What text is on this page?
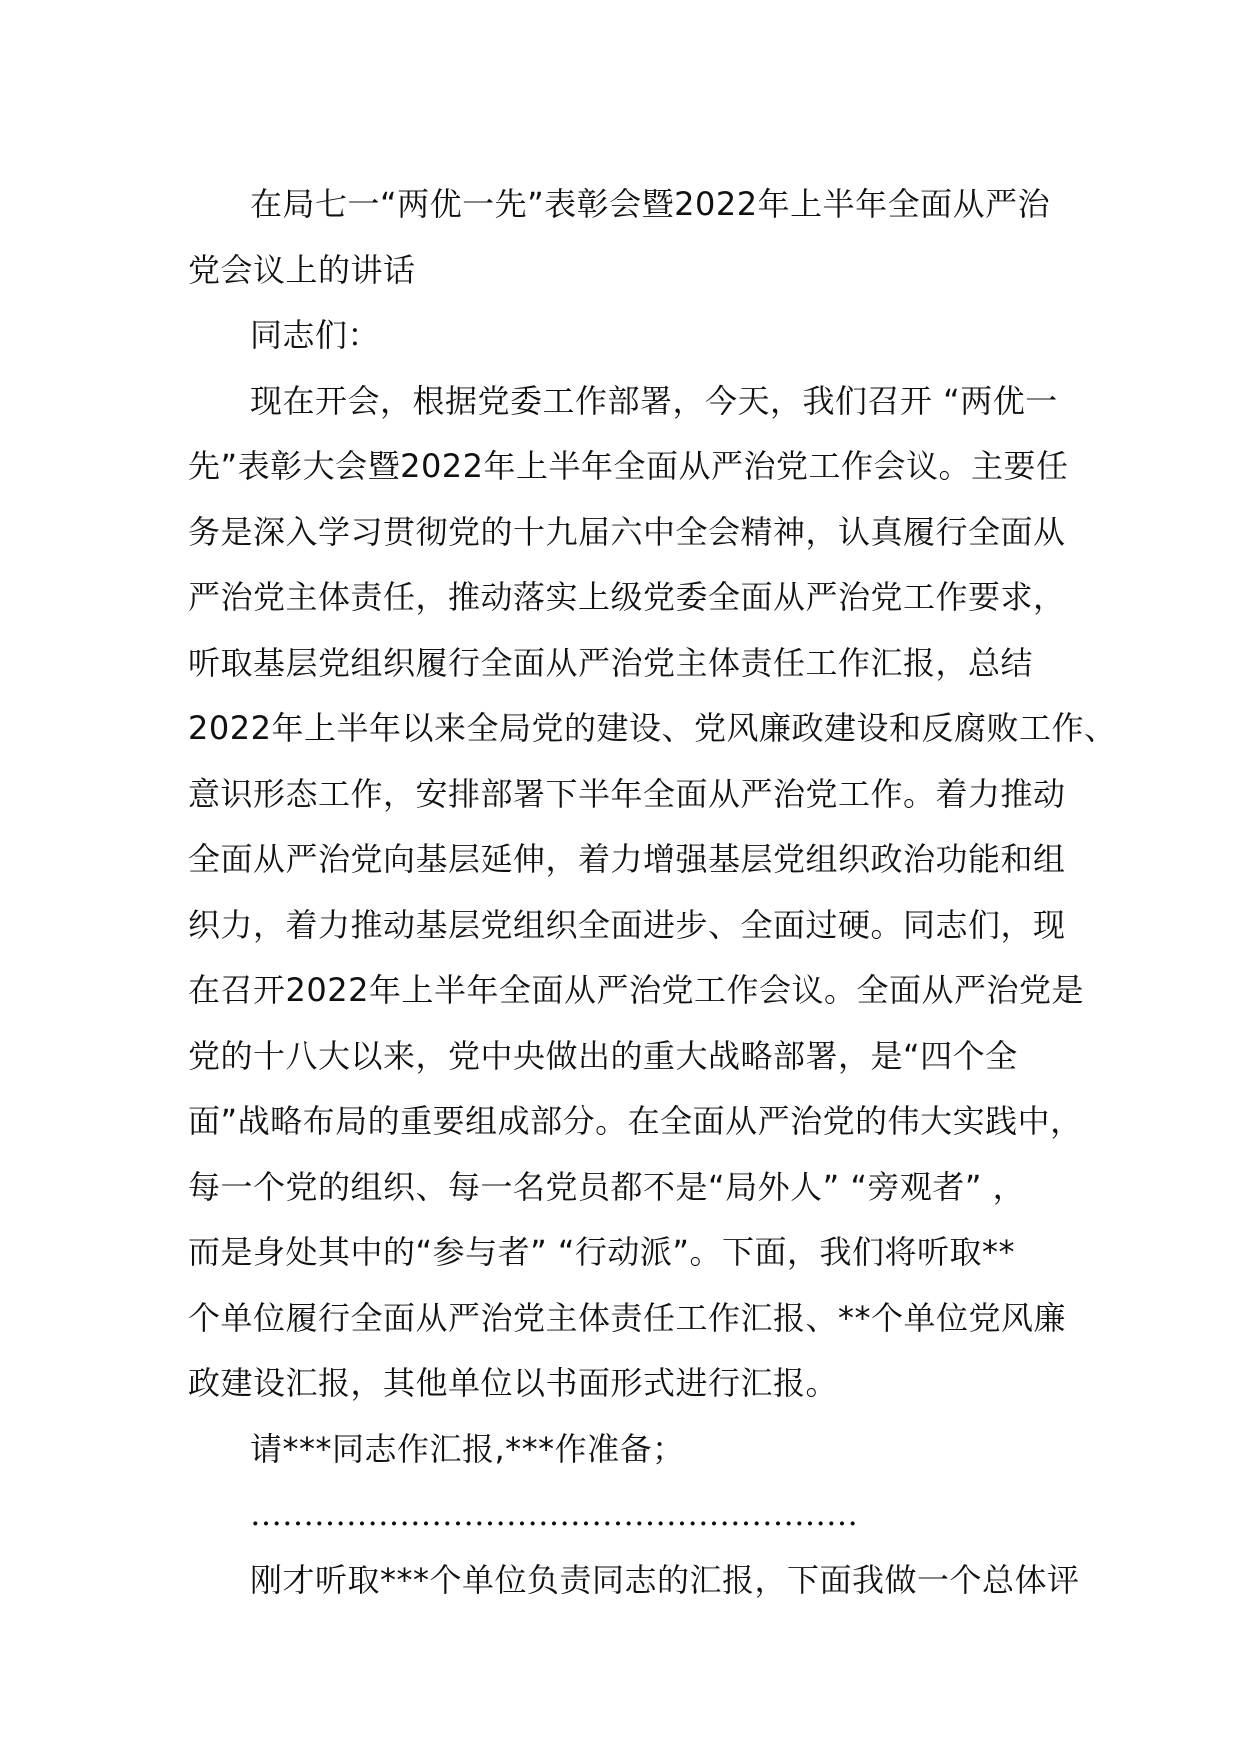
在局七一“两优一先”表彰会暨2022年上半年全面从严治
党会议上的讲话
同志们：
现在开会，根据党委工作部署，今天，我们召开 “两优一
先”表彰大会暨2022年上半年全面从严治党工作会议。主要任
务是深入学习贯彻党的十九届六中全会精神，认真履行全面从
严治党主体责任，推动落实上级党委全面从严治党工作要求，
听取基层党组织履行全面从严治党主体责任工作汇报，总结
2022年上半年以来全局党的建设、党风廉政建设和反腐败工作、
意识形态工作，安排部署下半年全面从严治党工作。着力推动
全面从严治党向基层延伸，着力增强基层党组织政治功能和组
织力，着力推动基层党组织全面进步、全面过硬。同志们，现
在召开2022年上半年全面从严治党工作会议。全面从严治党是
党的十八大以来，党中央做出的重大战略部署，是“四个全
面”战略布局的重要组成部分。在全面从严治党的伟大实践中，
每一个党的组织、每一名党员都不是“局外人” “旁观者” ，
而是身处其中的“参与者” “行动派”。下面，我们将听取**
个单位履行全面从严治党主体责任工作汇报、**个单位党风廉
政建设汇报，其他单位以书面形式进行汇报。
请***同志作汇报,***作准备；
…………………………………………………
刚才听取***个单位负责同志的汇报，下面我做一个总体评
